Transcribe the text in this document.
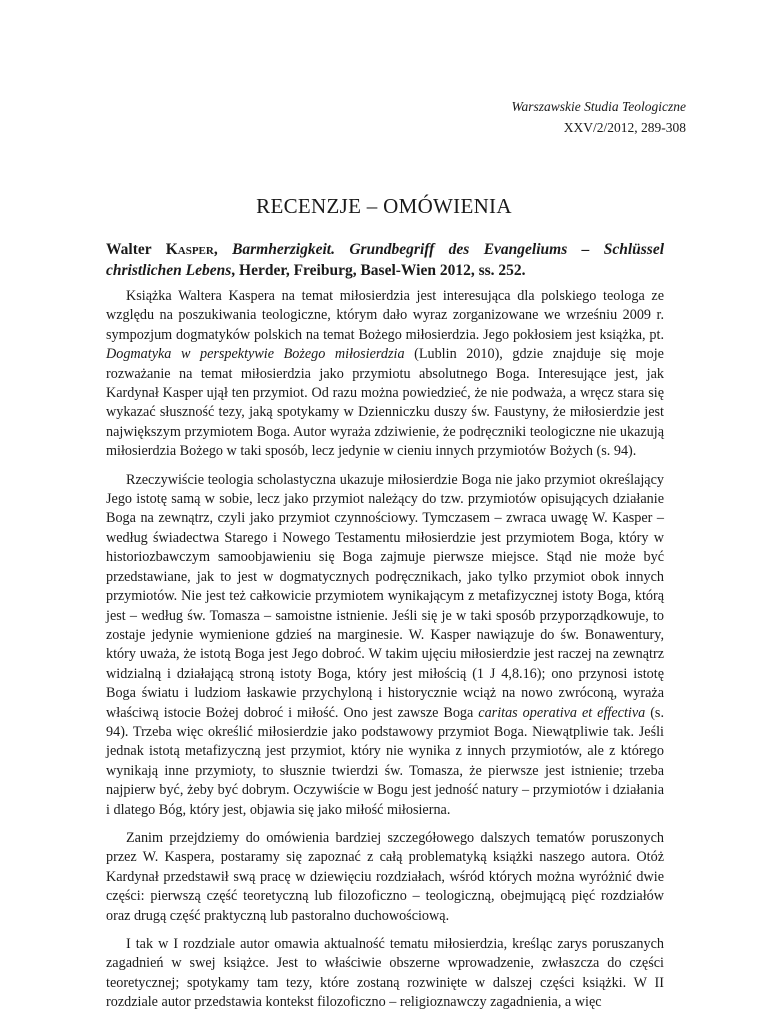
Warszawskie Studia Teologiczne
XXV/2/2012, 289-308
RECENZJE – OMÓWIENIA
Walter Kasper, Barmherzigkeit. Grundbegriff des Evangeliums – Schlüssel christlichen Lebens, Herder, Freiburg, Basel-Wien 2012, ss. 252.

Książka Waltera Kaspera na temat miłosierdzia jest interesująca dla polskiego teologa ze względu na poszukiwania teologiczne, którym dało wyraz zorganizowane we wrześniu 2009 r. sympozjum dogmatyków polskich na temat Bożego miłosierdzia. Jego pokłosiem jest książka, pt. Dogmatyka w perspektywie Bożego miłosierdzia (Lublin 2010), gdzie znajduje się moje rozważanie na temat miłosierdzia jako przymiotu absolutnego Boga. Interesujące jest, jak Kardynał Kasper ujął ten przymiot. Od razu można powiedzieć, że nie podważa, a wręcz stara się wykazać słuszność tezy, jaką spotykamy w Dzienniczku duszy św. Faustyny, że miłosierdzie jest największym przymiotem Boga. Autor wyraża zdziwienie, że podręczniki teologiczne nie ukazują miłosierdzia Bożego w taki sposób, lecz jedynie w cieniu innych przymiotów Bożych (s. 94).

Rzeczywiście teologia scholastyczna ukazuje miłosierdzie Boga nie jako przymiot określający Jego istotę samą w sobie, lecz jako przymiot należący do tzw. przymiotów opisujących działanie Boga na zewnątrz, czyli jako przymiot czynnościowy. Tymczasem – zwraca uwagę W. Kasper – według świadectwa Starego i Nowego Testamentu miłosierdzie jest przymiotem Boga, który w historiozbawczym samoobjawieniu się Boga zajmuje pierwsze miejsce. Stąd nie może być przedstawiane, jak to jest w dogmatycznych podręcznikach, jako tylko przymiot obok innych przymiotów. Nie jest też całkowicie przymiotem wynikającym z metafizycznej istoty Boga, którą jest – według św. Tomasza – samoistne istnienie. Jeśli się je w taki sposób przyporządkowuje, to zostaje jedynie wymienione gdzieś na marginesie. W. Kasper nawiązuje do św. Bonawentury, który uważa, że istotą Boga jest Jego dobroć. W takim ujęciu miłosierdzie jest raczej na zewnątrz widzialną i działającą stroną istoty Boga, który jest miłością (1 J 4,8.16); ono przynosi istotę Boga światu i ludziom łaskawie przychyloną i historycznie wciąż na nowo zwróconą, wyraża właściwą istocie Bożej dobroć i miłość. Ono jest zawsze Boga caritas operativa et effectiva (s. 94). Trzeba więc określić miłosierdzie jako podstawowy przymiot Boga. Niewątpliwie tak. Jeśli jednak istotą metafizyczną jest przymiot, który nie wynika z innych przymiotów, ale z którego wynikają inne przymioty, to słusznie twierdzi św. Tomasza, że pierwsze jest istnienie; trzeba najpierw być, żeby być dobrym. Oczywiście w Bogu jest jedność natury – przymiotów i działania i dlatego Bóg, który jest, objawia się jako miłość miłosierna.

Zanim przejdziemy do omówienia bardziej szczegółowego dalszych tematów poruszonych przez W. Kaspera, postaramy się zapoznać z całą problematyką książki naszego autora. Otóż Kardynał przedstawił swą pracę w dziewięciu rozdziałach, wśród których można wyróżnić dwie części: pierwszą część teoretyczną lub filozoficzno – teologiczną, obejmującą pięć rozdziałów oraz drugą część praktyczną lub pastoralno duchowościową.

I tak w I rozdziale autor omawia aktualność tematu miłosierdzia, kreśląc zarys poruszanych zagadnień w swej książce. Jest to właściwie obszerne wprowadzenie, zwłaszcza do części teoretycznej; spotykamy tam tezy, które zostaną rozwinięte w dalszej części książki. W II rozdziale autor przedstawia kontekst filozoficzno – religioznawczy zagadnienia, a więc
